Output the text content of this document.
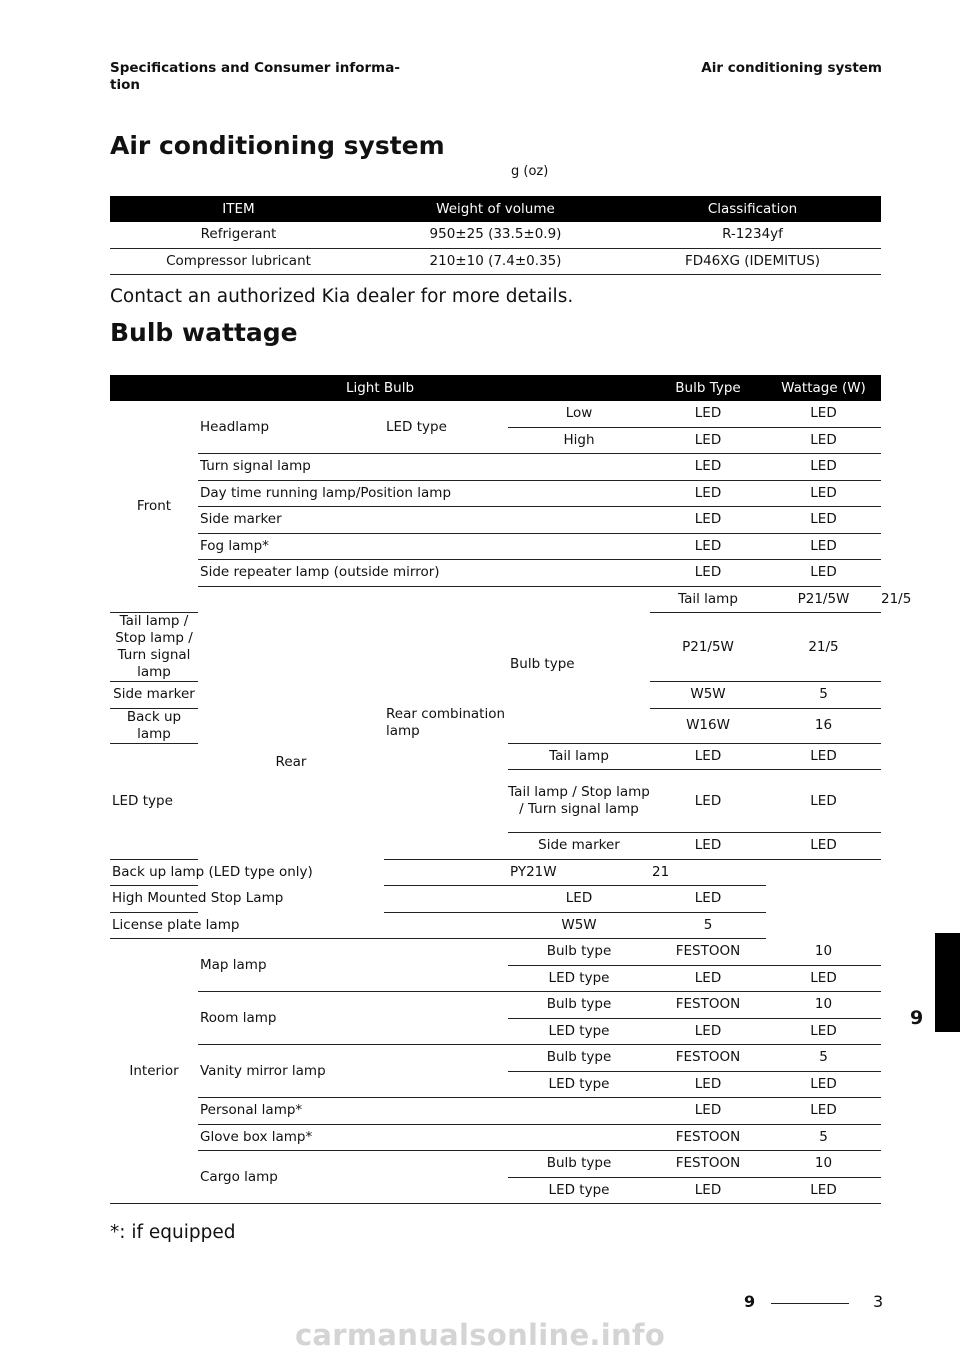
Specifications and Consumer informa-tion
Air conditioning system
Air conditioning system
g (oz)
ITEM	Weight of volume	Classification
Refrigerant	950±25 (33.5±0.9)	R-1234yf
Compressor lubricant	210±10 (7.4±0.35)	FD46XG (IDEMITUS)
Contact an authorized Kia dealer for more details.
Bulb wattage
Light Bulb				Bulb Type	Wattage (W)	
Front	Headlamp	LED type	Low	LED	LED	
			High	LED	LED	
	Turn signal lamp			LED	LED	
	Day time running lamp/Position lamp			LED	LED	
	Side marker			LED	LED	
	Fog lamp*			LED	LED	
	Side repeater lamp (outside mirror)			LED	LED	
	Rear	Rear combination lamp	Bulb type	Tail lamp	P21/5W	21/5
Tail lamp / Stop lamp / Turn signal lamp				P21/5W	21/5	
Side marker				W5W	5	
Back up lamp				W16W	16	
LED type			Tail lamp	LED	LED	
			Tail lamp / Stop lamp / Turn signal lamp	LED	LED	
			Side marker	LED	LED	
Back up lamp (LED type only)			PY21W	21		
High Mounted Stop Lamp			LED	LED		
License plate lamp			W5W	5		
Interior	Map lamp		Bulb type	FESTOON	10	
			LED type	LED	LED	
	Room lamp		Bulb type	FESTOON	10	
			LED type	LED	LED	
	Vanity mirror lamp		Bulb type	FESTOON	5	
			LED type	LED	LED	
	Personal lamp*			LED	LED	
	Glove box lamp*			FESTOON	5	
	Cargo lamp		Bulb type	FESTOON	10	
			LED type	LED	LED	
*: if equipped
9
9	3
carmanualsonline.info
